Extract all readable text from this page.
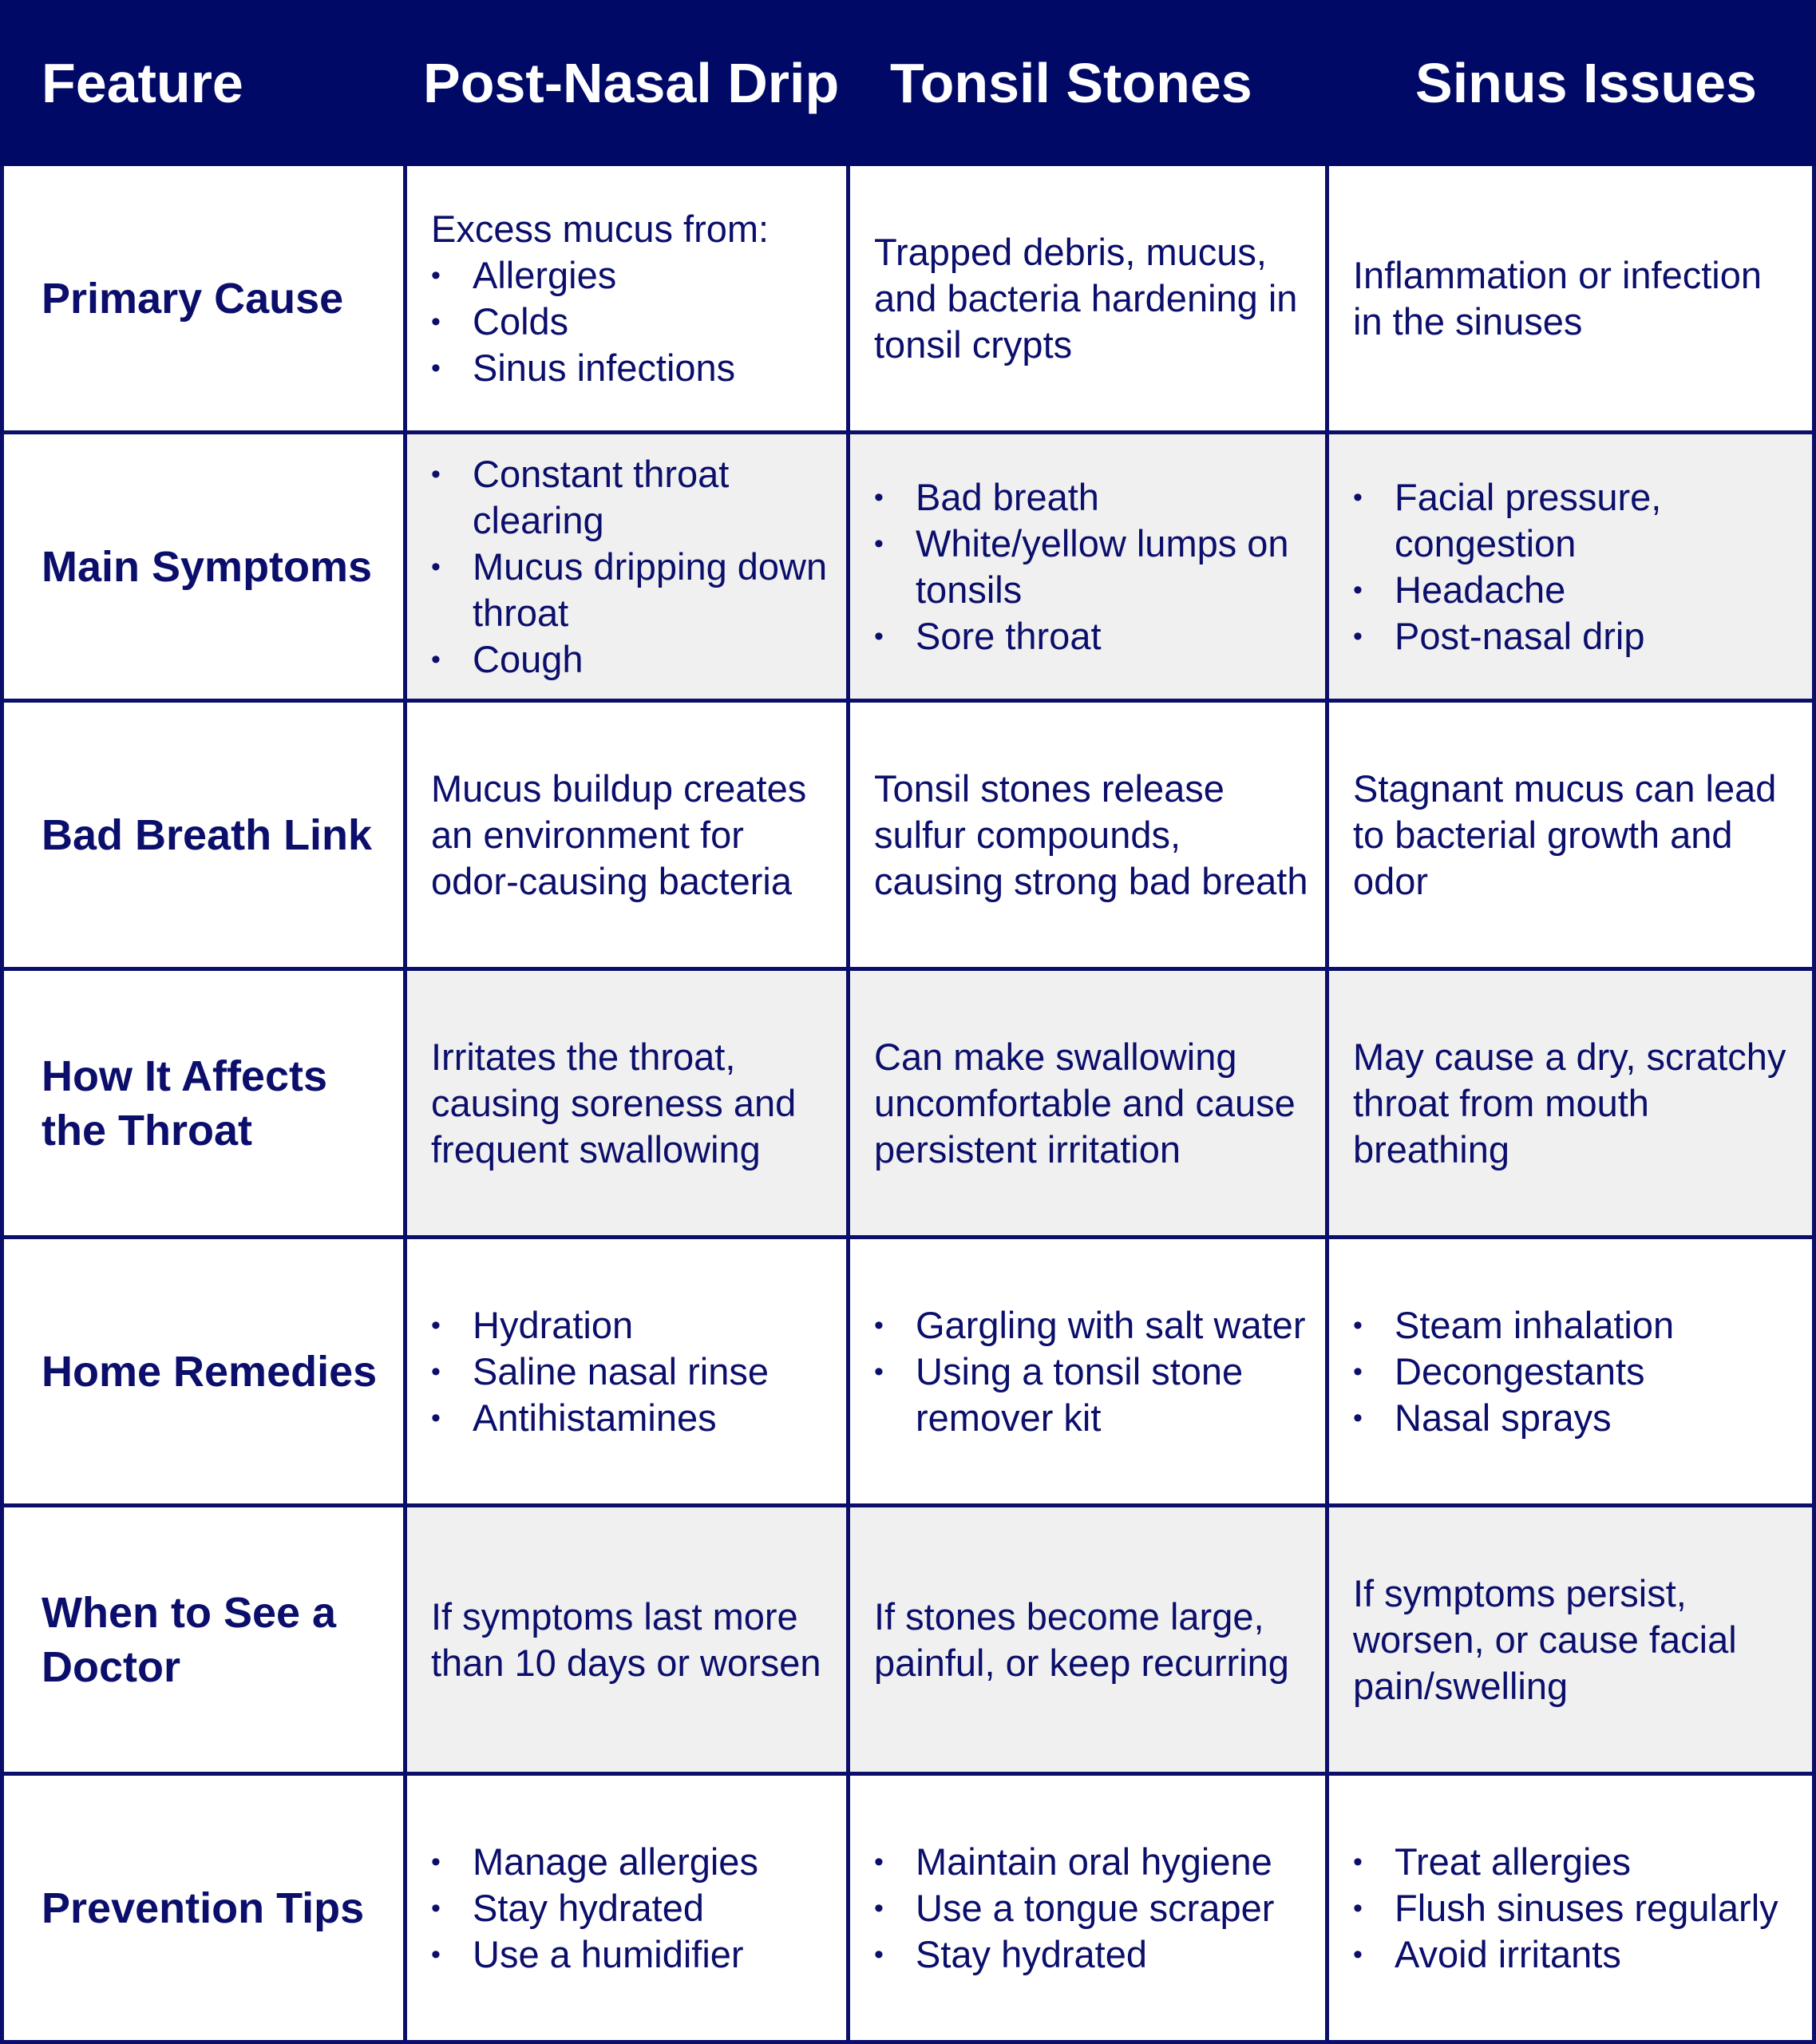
Feature	Post-Nasal Drip Tonsil Stones	Sinus Issues
Primary Cause
Excess mucus from:
• Allergies
• Colds
• Sinus infections
Trapped debris, mucus, and bacteria hardening in tonsil crypts
Inflammation or infection in the sinuses
Main Symptoms
• Constant throat clearing
• Mucus dripping down throat
• Cough
• Bad breath
• White/yellow lumps on tonsils
• Sore throat
• Facial pressure, congestion
• Headache
• Post-nasal drip
Bad Breath Link
Mucus buildup creates an environment for odor-causing bacteria
Tonsil stones release sulfur compounds, causing strong bad breath
Stagnant mucus can lead to bacterial growth and odor
How It Affects the Throat
Irritates the throat, causing soreness and frequent swallowing
Can make swallowing uncomfortable and cause persistent irritation
May cause a dry, scratchy throat from mouth breathing
Home Remedies
• Hydration
• Saline nasal rinse
• Antihistamines
• Gargling with salt water
• Using a tonsil stone remover kit
• Steam inhalation
• Decongestants
• Nasal sprays
When to See a Doctor
If symptoms last more than 10 days or worsen
If stones become large, painful, or keep recurring
If symptoms persist, worsen, or cause facial pain/swelling
Prevention Tips
• Manage allergies
• Stay hydrated
• Use a humidifier
• Maintain oral hygiene
• Use a tongue scraper
• Stay hydrated
• Treat allergies
• Flush sinuses regularly
• Avoid irritants
